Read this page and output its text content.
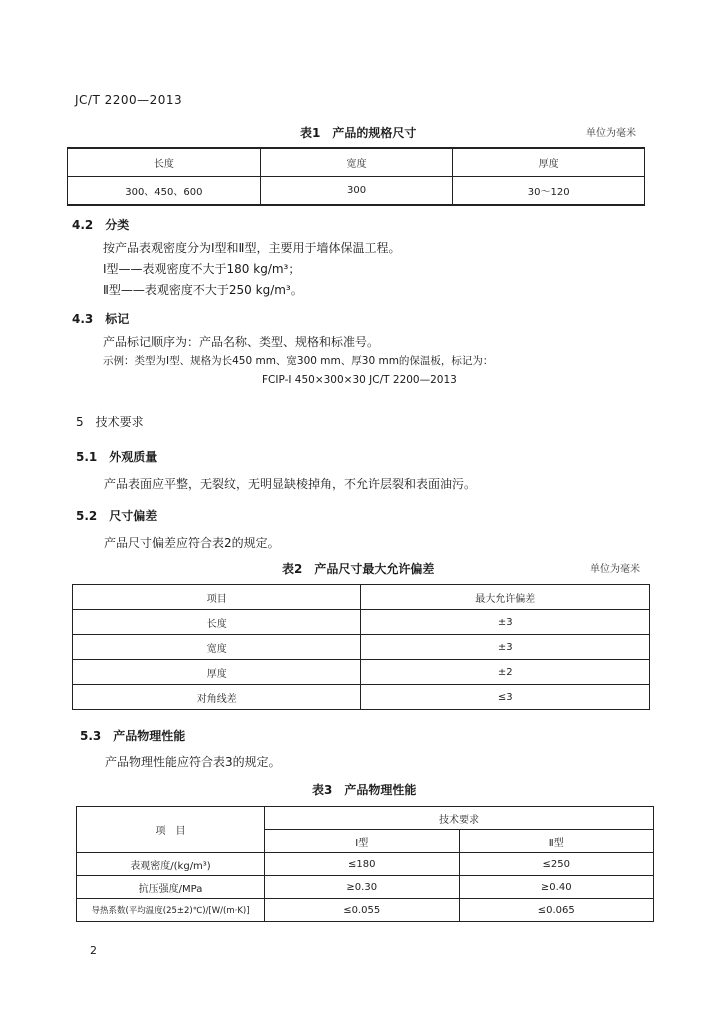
JC/T 2200—2013
表1　产品的规格尺寸	单位为毫米
长度	宽度	厚度
300、450、600	300	30～120
4.2　分类
按产品表观密度分为Ⅰ型和Ⅱ型，主要用于墙体保温工程。
Ⅰ型——表观密度不大于180 kg/m³；
Ⅱ型——表观密度不大于250 kg/m³。
4.3　标记
产品标记顺序为：产品名称、类型、规格和标准号。
示例：类型为Ⅰ型、规格为长450 mm、宽300 mm、厚30 mm的保温板，标记为：
FCIP-Ⅰ 450×300×30 JC/T 2200—2013
5　技术要求
5.1　外观质量
产品表面应平整，无裂纹，无明显缺棱掉角，不允许层裂和表面油污。
5.2　尺寸偏差
产品尺寸偏差应符合表2的规定。
表2　产品尺寸最大允许偏差	单位为毫米
项目	最大允许偏差
长度	±3
宽度	±3
厚度	±2
对角线差	≤3
5.3　产品物理性能
产品物理性能应符合表3的规定。
表3　产品物理性能
项　目	技术要求	
	Ⅰ型	Ⅱ型
表观密度/(kg/m³)	≤180	≤250
抗压强度/MPa	≥0.30	≥0.40
导热系数(平均温度(25±2)℃)/[W/(m·K)]	≤0.055	≤0.065
2
